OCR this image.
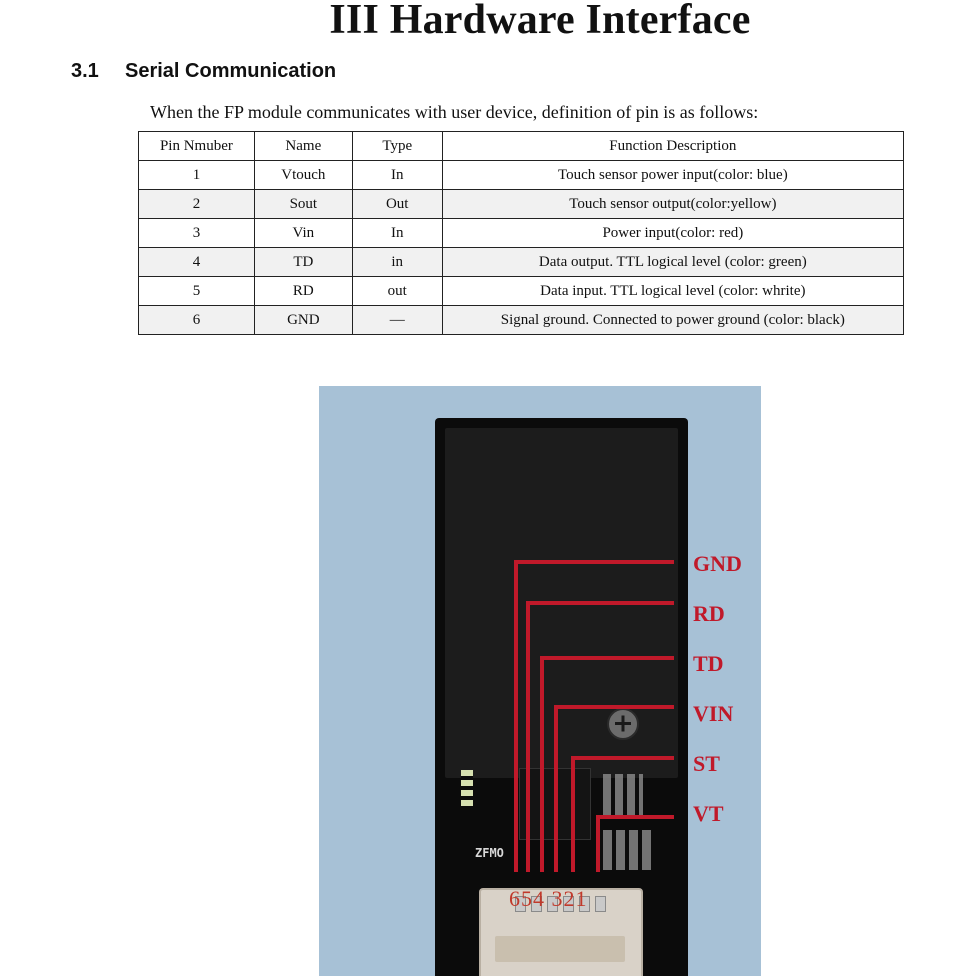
III Hardware Interface
3.1 Serial Communication
When the FP module communicates with user device, definition of pin is as follows:
Pin Nmuber	Name	Type	Function Description
1	Vtouch	In	Touch sensor power input(color: blue)
2	Sout	Out	Touch sensor output(color:yellow)
3	Vin	In	Power input(color: red)
4	TD	in	Data output. TTL logical level (color: green)
5	RD	out	Data input. TTL logical level (color: whrite)
6	GND	—	Signal ground. Connected to power ground (color: black)
ZFMO
654 321
GND
RD
TD
VIN
ST
VT
